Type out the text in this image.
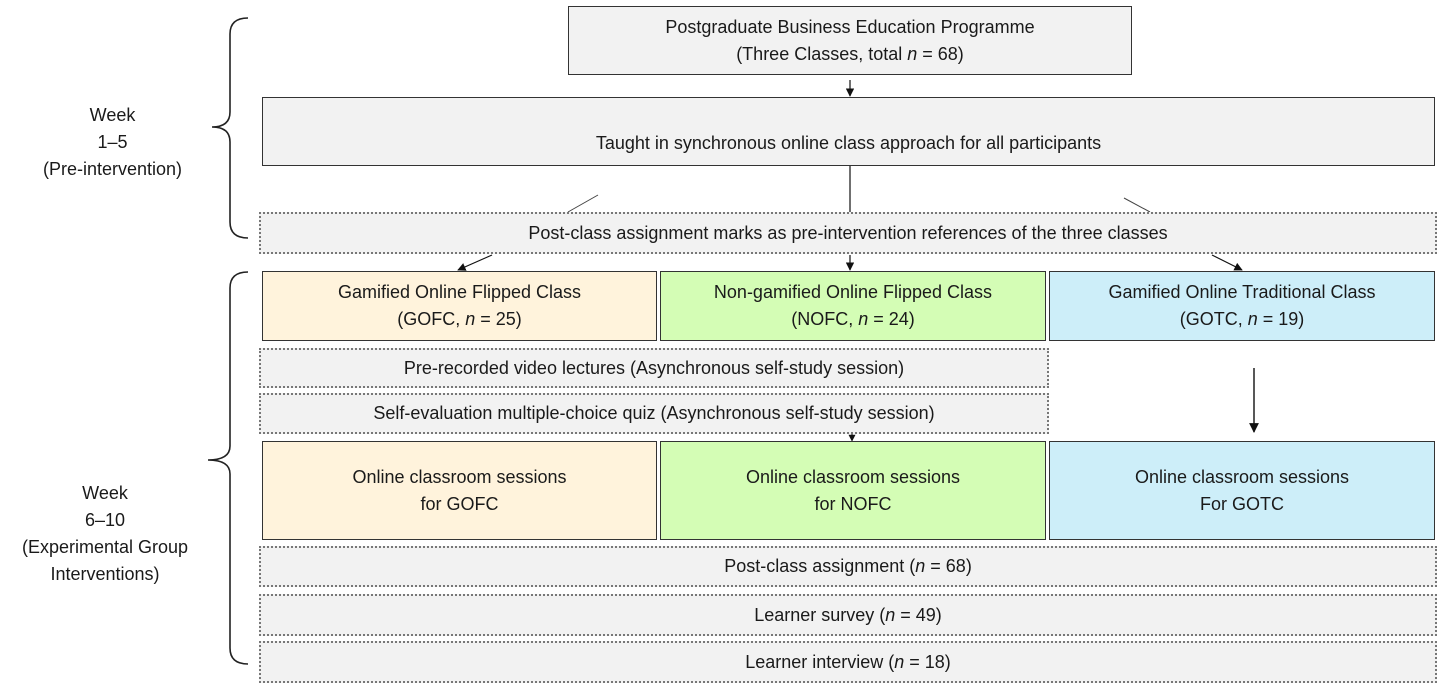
Week
1–5
(Pre-intervention)
Week
6–10
(Experimental Group
Interventions)
Postgraduate Business Education Programme
(Three Classes, total n = 68)
Taught in synchronous online class approach for all participants
Post-class assignment marks as pre-intervention references of the three classes
Gamified Online Flipped Class
(GOFC, n = 25)
Non-gamified Online Flipped Class
(NOFC, n = 24)
Gamified Online Traditional Class
(GOTC, n = 19)
Pre-recorded video lectures (Asynchronous self-study session)
Self-evaluation multiple-choice quiz (Asynchronous self-study session)
Online classroom sessions
for GOFC
Online classroom sessions
for NOFC
Online classroom sessions
For GOTC
Post-class assignment (n = 68)
Learner survey (n = 49)
Learner interview (n = 18)
